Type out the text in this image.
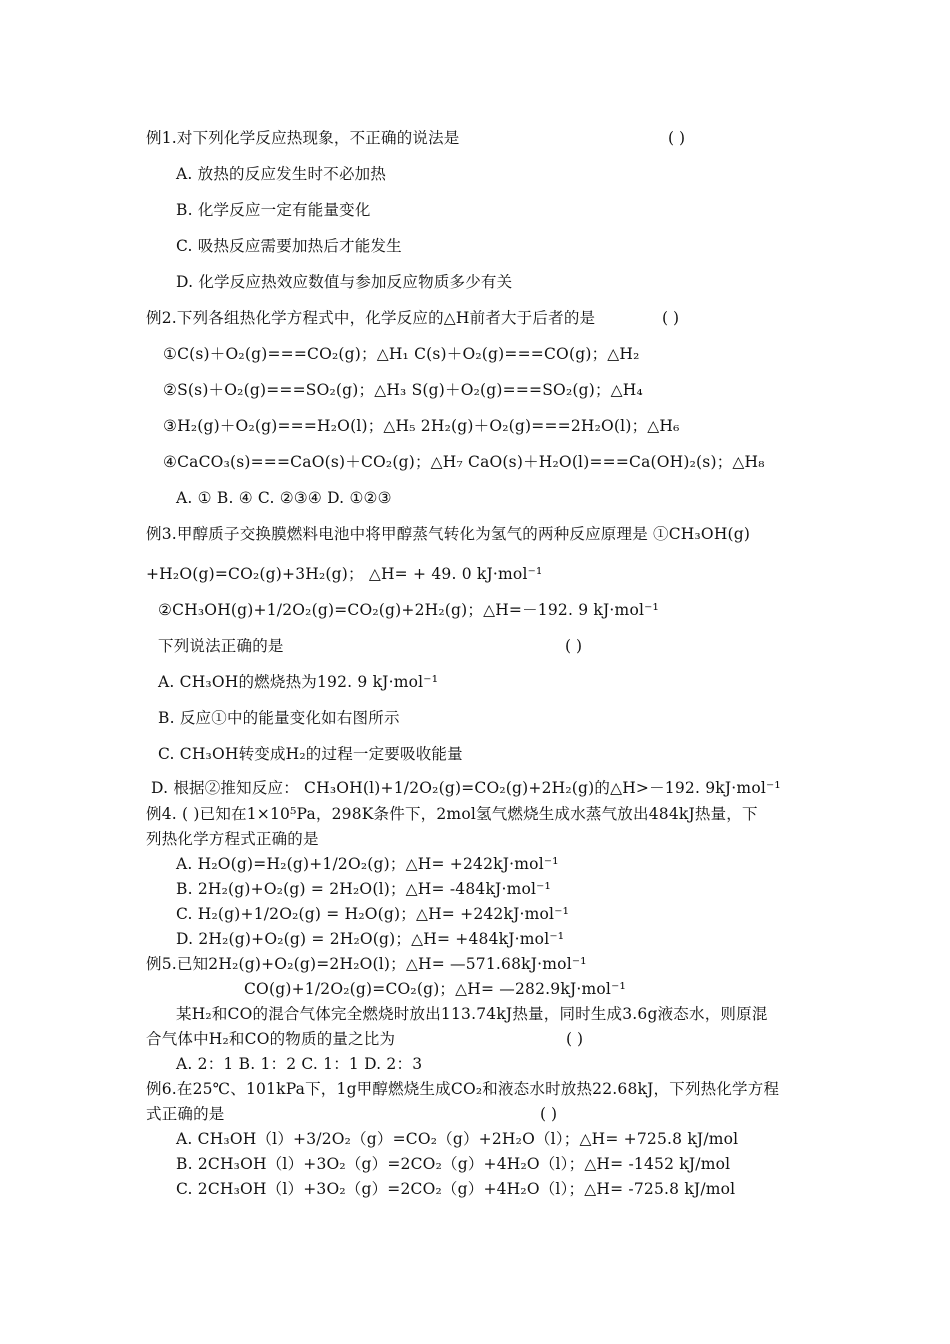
例1.对下列化学反应热现象，不正确的说法是	( )
A. 放热的反应发生时不必加热
B. 化学反应一定有能量变化
C. 吸热反应需要加热后才能发生
D. 化学反应热效应数值与参加反应物质多少有关
例2.下列各组热化学方程式中，化学反应的△H前者大于后者的是	( )
①C(s)＋O₂(g)===CO₂(g)；△H₁ C(s)＋O₂(g)===CO(g)；△H₂
②S(s)＋O₂(g)===SO₂(g)；△H₃ S(g)＋O₂(g)===SO₂(g)；△H₄
③H₂(g)＋O₂(g)===H₂O(l)；△H₅ 2H₂(g)＋O₂(g)===2H₂O(l)；△H₆
④CaCO₃(s)===CaO(s)＋CO₂(g)；△H₇ CaO(s)＋H₂O(l)===Ca(OH)₂(s)；△H₈
A. ① B. ④ C. ②③④ D. ①②③
例3.甲醇质子交换膜燃料电池中将甲醇蒸气转化为氢气的两种反应原理是 ①CH₃OH(g)
+H₂O(g)=CO₂(g)+3H₂(g)； △H= + 49. 0 kJ·mol⁻¹
②CH₃OH(g)+1/2O₂(g)=CO₂(g)+2H₂(g)；△H=－192. 9 kJ·mol⁻¹
下列说法正确的是	( )
A. CH₃OH的燃烧热为192. 9 kJ·mol⁻¹
B. 反应①中的能量变化如右图所示
C. CH₃OH转变成H₂的过程一定要吸收能量
D. 根据②推知反应： CH₃OH(l)+1/2O₂(g)=CO₂(g)+2H₂(g)的△H>－192. 9kJ·mol⁻¹
例4. ( )已知在1×10⁵Pa，298K条件下，2mol氢气燃烧生成水蒸气放出484kJ热量，下
列热化学方程式正确的是
A. H₂O(g)=H₂(g)+1/2O₂(g)；△H= +242kJ·mol⁻¹
B. 2H₂(g)+O₂(g) = 2H₂O(l)；△H= -484kJ·mol⁻¹
C. H₂(g)+1/2O₂(g) = H₂O(g)；△H= +242kJ·mol⁻¹
D. 2H₂(g)+O₂(g) = 2H₂O(g)；△H= +484kJ·mol⁻¹
例5.已知2H₂(g)+O₂(g)=2H₂O(l)；△H= —571.68kJ·mol⁻¹
CO(g)+1/2O₂(g)=CO₂(g)；△H= —282.9kJ·mol⁻¹
某H₂和CO的混合气体完全燃烧时放出113.74kJ热量，同时生成3.6g液态水，则原混
合气体中H₂和CO的物质的量之比为	( )
A. 2：1 B. 1：2 C. 1：1 D. 2：3
例6.在25℃、101kPa下，1g甲醇燃烧生成CO₂和液态水时放热22.68kJ，下列热化学方程
式正确的是	( )
A. CH₃OH（l）+3/2O₂（g）=CO₂（g）+2H₂O（l）；△H= +725.8 kJ/mol
B. 2CH₃OH（l）+3O₂（g）=2CO₂（g）+4H₂O（l）；△H= -1452 kJ/mol
C. 2CH₃OH（l）+3O₂（g）=2CO₂（g）+4H₂O（l）；△H= -725.8 kJ/mol
